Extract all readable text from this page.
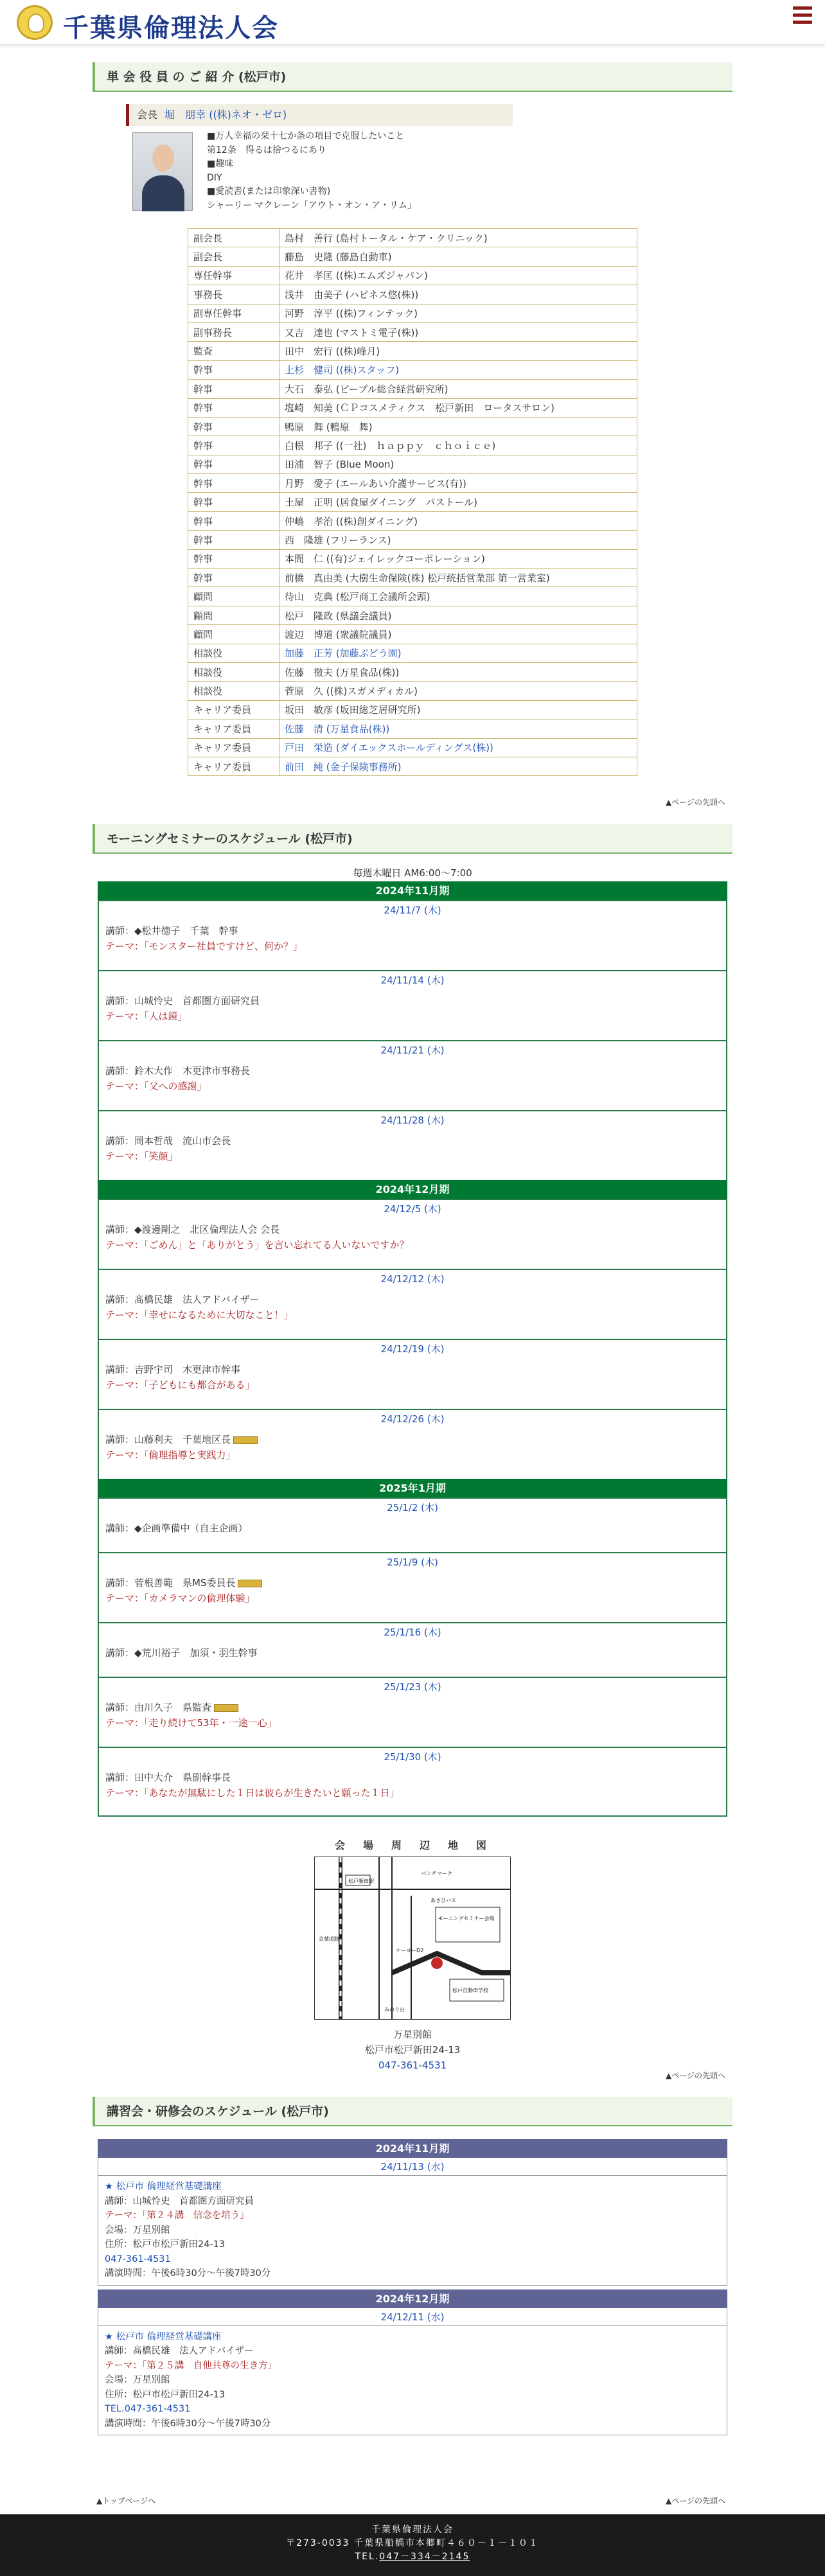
千葉県倫理法人会
単 会 役 員 の ご 紹 介 (松戸市)
会長 堀　朋幸 ((株)ネオ・ゼロ)
■万人幸福の栞十七か条の項目で克服したいこと
第12条　得るは捨つるにあり
■趣味
DIY
■愛読書(または印象深い書物)
シャーリー マクレーン「アウト・オン・ア・リム」
副会長	島村　善行 (島村トータル・ケア・クリニック)
副会長	藤島　史隆 (藤島自動車)
専任幹事	花井　孝匡 ((株)エムズジャパン)
事務長	浅井　由美子 (ハピネス悠(株))
副専任幹事	河野　淳平 ((株)フィンテック)
副事務長	又吉　達也 (マストミ電子(株))
監査	田中　宏行 ((株)峰月)
幹事	上杉　健司 ((株)スタッフ)
幹事	大石　泰弘 (ピープル総合経営研究所)
幹事	塩崎　知美 (ＣＰコスメティクス　松戸新田　ロータスサロン)
幹事	鴨原　舞 (鴨原　舞)
幹事	白根　邦子 ((一社)　ｈａｐｐｙ　ｃｈｏｉｃｅ)
幹事	田浦　智子 (Blue Moon)
幹事	月野　愛子 (エールあい介護サービス(有))
幹事	土屋　正明 (居食屋ダイニング　パストール)
幹事	仲嶋　孝治 ((株)創ダイニング)
幹事	西　隆雄 (フリーランス)
幹事	本間　仁 ((有)ジェイレックコーポレーション)
幹事	前橋　真由美 (大樹生命保険(株) 松戸統括営業部 第一営業室)
顧問	待山　克典 (松戸商工会議所会頭)
顧問	松戸　隆政 (県議会議員)
顧問	渡辺　博道 (衆議院議員)
相談役	加藤　正芳 (加藤ぶどう園)
相談役	佐藤　徹夫 (万星食品(株))
相談役	菅原　久 ((株)スガメディカル)
キャリア委員	坂田　敏彦 (坂田総芝居研究所)
キャリア委員	佐藤　清 (万星食品(株))
キャリア委員	戸田　栄造 (ダイエックスホールディングス(株))
キャリア委員	前田　純 (金子保険事務所)
▲ページの先頭へ
モーニングセミナーのスケジュール (松戸市)
毎週木曜日 AM6:00～7:00
2024年11月期
24/11/7 (木)
講師：◆松井徳子　千葉　幹事
テーマ：「モンスター社員ですけど、何か？」
24/11/14 (木)
講師：山城怜史　首都圏方面研究員
テーマ：「人は鏡」
24/11/21 (木)
講師：鈴木大作　木更津市事務長
テーマ：「父への感謝」
24/11/28 (木)
講師：岡本哲哉　流山市会長
テーマ：「笑顔」
2024年12月期
24/12/5 (木)
講師：◆渡邊剛之　北区倫理法人会 会長
テーマ：「ごめん」と「ありがとう」を言い忘れてる人いないですか？
24/12/12 (木)
講師：髙橋民雄　法人アドバイザー
テーマ：「幸せになるために大切なこと！」
24/12/19 (木)
講師：吉野宇司　木更津市幹事
テーマ：「子どもにも都合がある」
24/12/26 (木)
講師：山藤利夫　千葉地区長
テーマ：「倫理指導と実践力」
2025年1月期
25/1/2 (木)
講師：◆企画準備中（自主企画）
25/1/9 (木)
講師：菅根善範　県MS委員長
テーマ：「カメラマンの倫理体験」
25/1/16 (木)
講師：◆荒川裕子　加須・羽生幹事
25/1/23 (木)
講師：由川久子　県監査
テーマ：「走り続けて53年・一途一心」
25/1/30 (木)
講師：田中大介　県副幹事長
テーマ：「あなたが無駄にした１日は彼らが生きたいと願った１日」
会　場　周　辺　地　図
松戸新田駅
ベンチマーク
京葉道路
あさひバス
モーニングセミナー会場
松戸自動車学校
みのり台
ケーヨーD2
万星別館
松戸市松戸新田24-13
047-361-4531
▲ページの先頭へ
講習会・研修会のスケジュール (松戸市)
2024年11月期
24/11/13 (水)
★ 松戸市 倫理経営基礎講座
講師：山城怜史　首都圏方面研究員
テーマ：「第２４講　信念を培う」
会場：万星別館
住所：松戸市松戸新田24-13
047-361-4531
講演時間：午後6時30分～午後7時30分
2024年12月期
24/12/11 (水)
★ 松戸市 倫理経営基礎講座
講師：髙橋民雄　法人アドバイザー
テーマ：「第２５講　自他共尊の生き方」
会場：万星別館
住所：松戸市松戸新田24-13
TEL.047-361-4531
講演時間：午後6時30分～午後7時30分
▲トップページへ	▲ページの先頭へ
千葉県倫理法人会
〒273-0033 千葉県船橋市本郷町４６０－１－１０１
TEL.047－334－2145
